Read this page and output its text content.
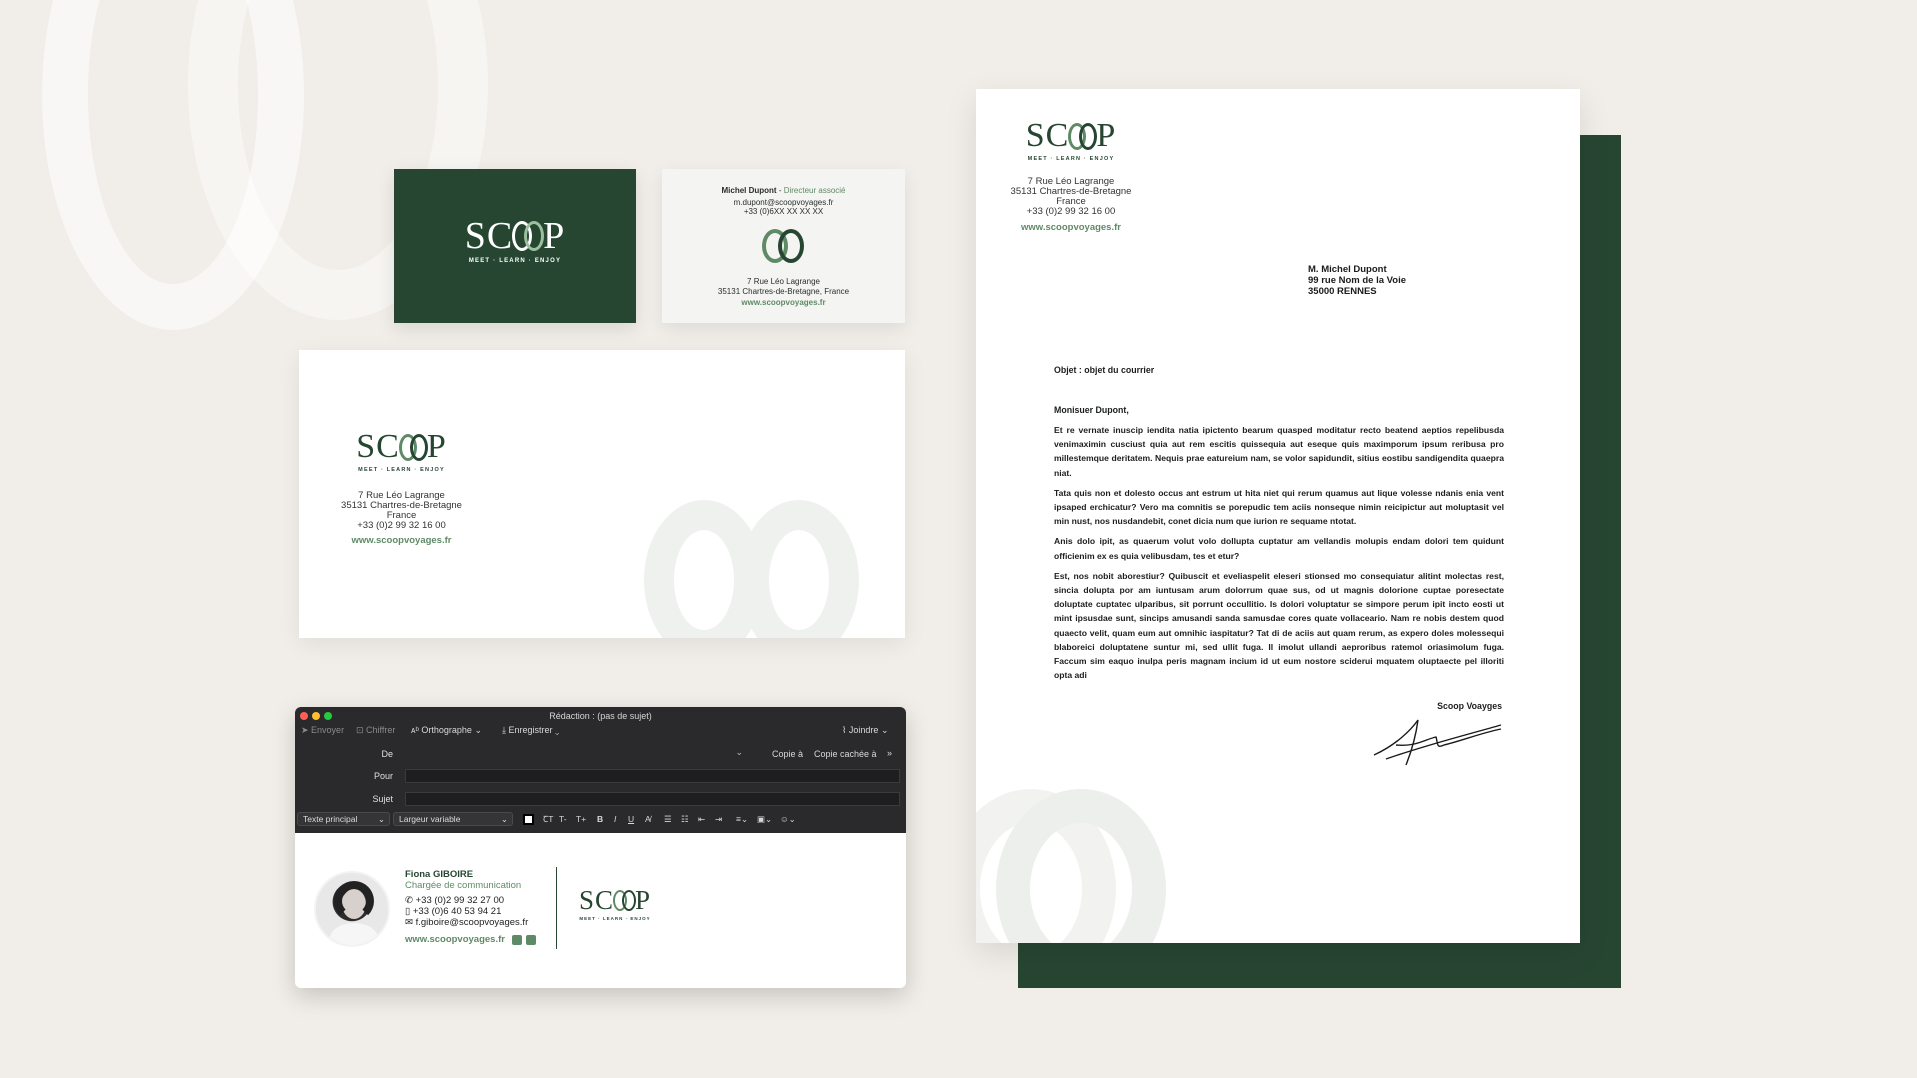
SC P
MEET · LEARN · ENJOY
Michel Dupont - Directeur associé
m.dupont@scoopvoyages.fr
+33 (0)6XX XX XX XX
7 Rue Léo Lagrange
35131 Chartres-de-Bretagne, France
www.scoopvoyages.fr
SC P
MEET · LEARN · ENJOY
7 Rue Léo Lagrange
35131 Chartres-de-Bretagne
France
+33 (0)2 99 32 16 00
www.scoopvoyages.fr
Rédaction : (pas de sujet)
➤ Envoyer ⊡ Chiffrer ᴀᵇ Orthographe ⌄ ⤓ Enregistrer ⌄	⌇ Joindre ⌄
De	⌄	Copie à Copie cachée à »
Pour
Sujet
Texte principal ⌄	Largeur variable	⌄	ꞆT T- T+ B I U A̸ ☰ ☷ ⇤ ⇥ ≡⌄ ▣⌄ ☺⌄
Fiona GIBOIRE
Chargée de communication
✆ +33 (0)2 99 32 27 00
▯ +33 (0)6 40 53 94 21
✉ f.giboire@scoopvoyages.fr
www.scoopvoyages.fr
SC P
MEET · LEARN · ENJOY
SC P
MEET · LEARN · ENJOY
7 Rue Léo Lagrange
35131 Chartres-de-Bretagne
France
+33 (0)2 99 32 16 00
www.scoopvoyages.fr
M. Michel Dupont
99 rue Nom de la Voie
35000 RENNES
Objet : objet du courrier
Monisuer Dupont,

Et re vernate inuscip iendita natia ipictento bearum quasped moditatur recto beatend aeptios repelibusda venimaximin cusciust quia aut rem escitis quissequia aut eseque quis maximporum ipsum reribusa pro millestemque deritatem. Nequis prae eatureium nam, se volor sapidundit, sitius eostibu sandigendita quaepra niat.

Tata quis non et dolesto occus ant estrum ut hita niet qui rerum quamus aut lique volesse ndanis enia vent ipsaped erchicatur? Vero ma comnitis se porepudic tem aciis nonseque nimin reicipictur aut moluptasit vel min nust, nos nusdandebit, conet dicia num que iurion re sequame ntotat.

Anis dolo ipit, as quaerum volut volo dollupta cuptatur am vellandis molupis endam dolori tem quidunt officienim ex es quia velibusdam, tes et etur?

Est, nos nobit aborestiur? Quibuscit et eveliaspelit eleseri stionsed mo consequiatur alitint molectas rest, sincia dolupta por am iuntusam arum dolorrum quae sus, od ut magnis dolorione cuptae poresectate doluptate cuptatec ulparibus, sit porrunt occullitio. Is dolori voluptatur se simpore perum ipit incto eosti ut mint ipsusdae sunt, sincips amusandi sanda samusdae cores quate vollaceario. Nam re nobis destem quod quaecto velit, quam eum aut omnihic iaspitatur? Tat di de aciis aut quam rerum, as expero doles molessequi blaboreici doluptatene suntur mi, sed ullit fuga. Il imolut ullandi aeproribus ratemol oriasimolum fuga. Faccum sim eaquo inulpa peris magnam incium id ut eum nostore sciderui mquatem oluptaecte pel illoriti opta adi

Scoop Voayges
